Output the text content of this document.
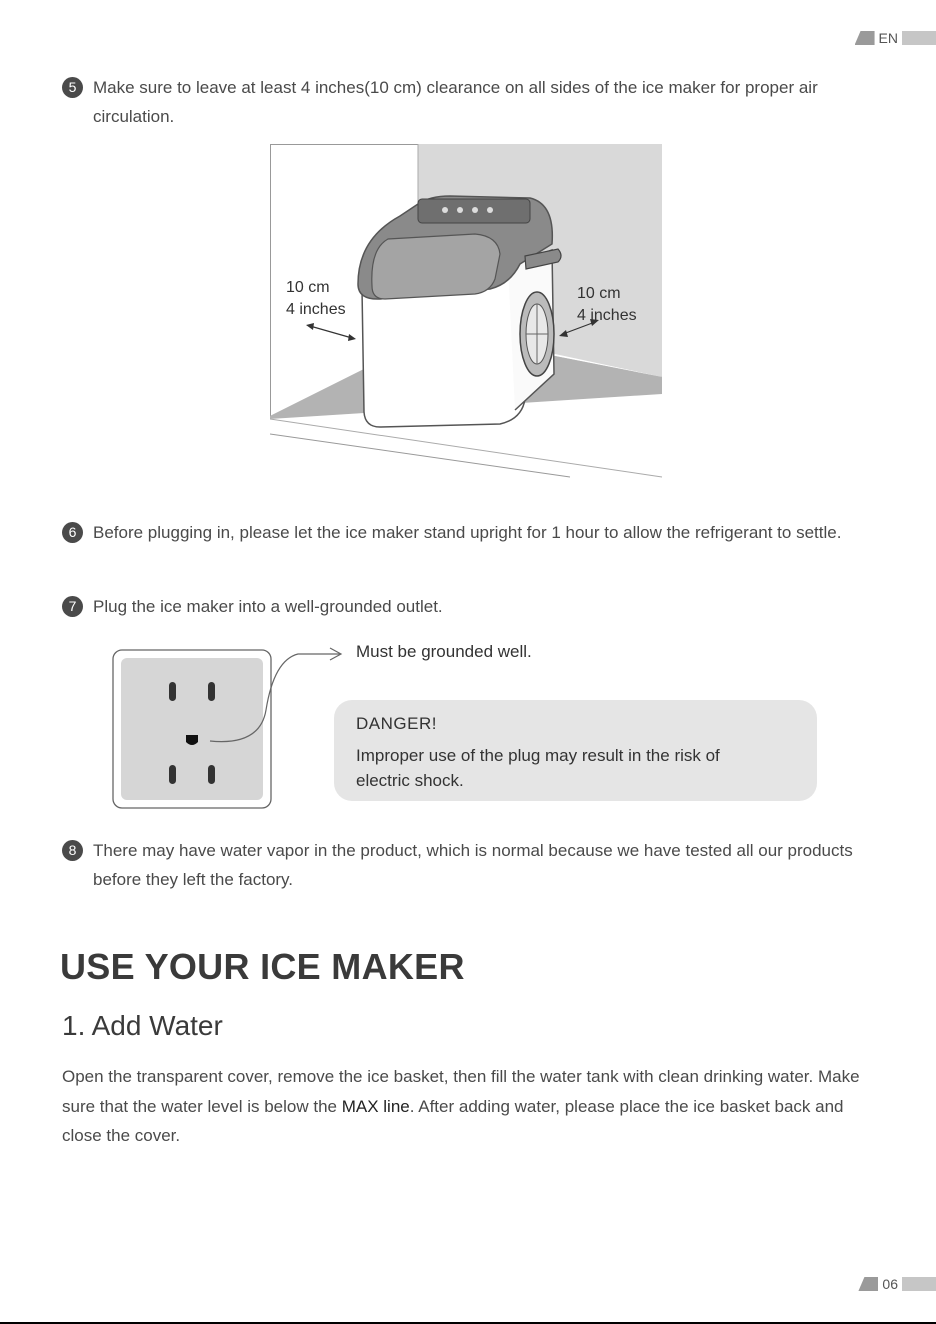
EN
5 Make sure to leave at least 4 inches(10 cm) clearance on all sides of the ice maker for proper air circulation.
10 cm
4 inches
10 cm
4 inches
6 Before plugging in, please let the ice maker stand upright for 1 hour to allow the refrigerant to settle.
7 Plug the ice maker into a well-grounded outlet.
Must be grounded well.
DANGER!
Improper use of the plug may result in the risk of electric shock.
8 There may have water vapor in the product, which is normal because we have tested all our products before they left the factory.
USE YOUR ICE MAKER
1. Add Water
Open the transparent cover, remove the ice basket, then fill the water tank with clean drinking water. Make sure that the water level is below the MAX line. After adding water, please place the ice basket back and close the cover.
06
